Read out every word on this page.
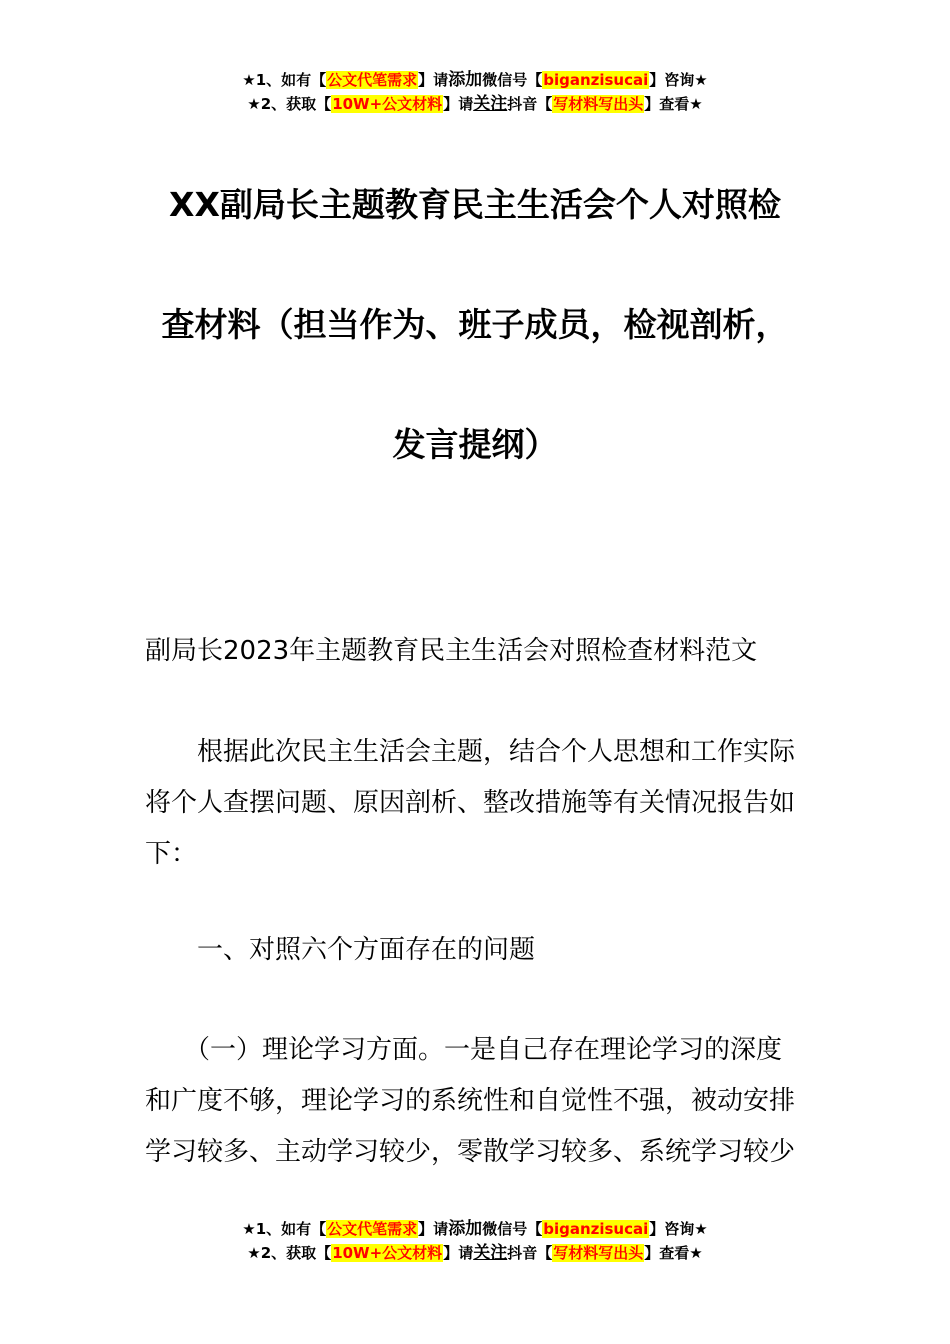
★1、如有【公文代笔需求】请添加微信号【biganzisucai】咨询★
★2、获取【10W+公文材料】请关注抖音【写材料写出头】查看★
XX副局长主题教育民主生活会个人对照检
查材料（担当作为、班子成员，检视剖析，
发言提纲）

副局长2023年主题教育民主生活会对照检查材料范文

　　根据此次民主生活会主题，结合个人思想和工作实际
将个人查摆问题、原因剖析、整改措施等有关情况报告如
下：

　　一、对照六个方面存在的问题

　　（一）理论学习方面。一是自己存在理论学习的深度
和广度不够，理论学习的系统性和自觉性不强，被动安排
学习较多、主动学习较少，零散学习较多、系统学习较少

★1、如有【公文代笔需求】请添加微信号【biganzisucai】咨询★
★2、获取【10W+公文材料】请关注抖音【写材料写出头】查看★
